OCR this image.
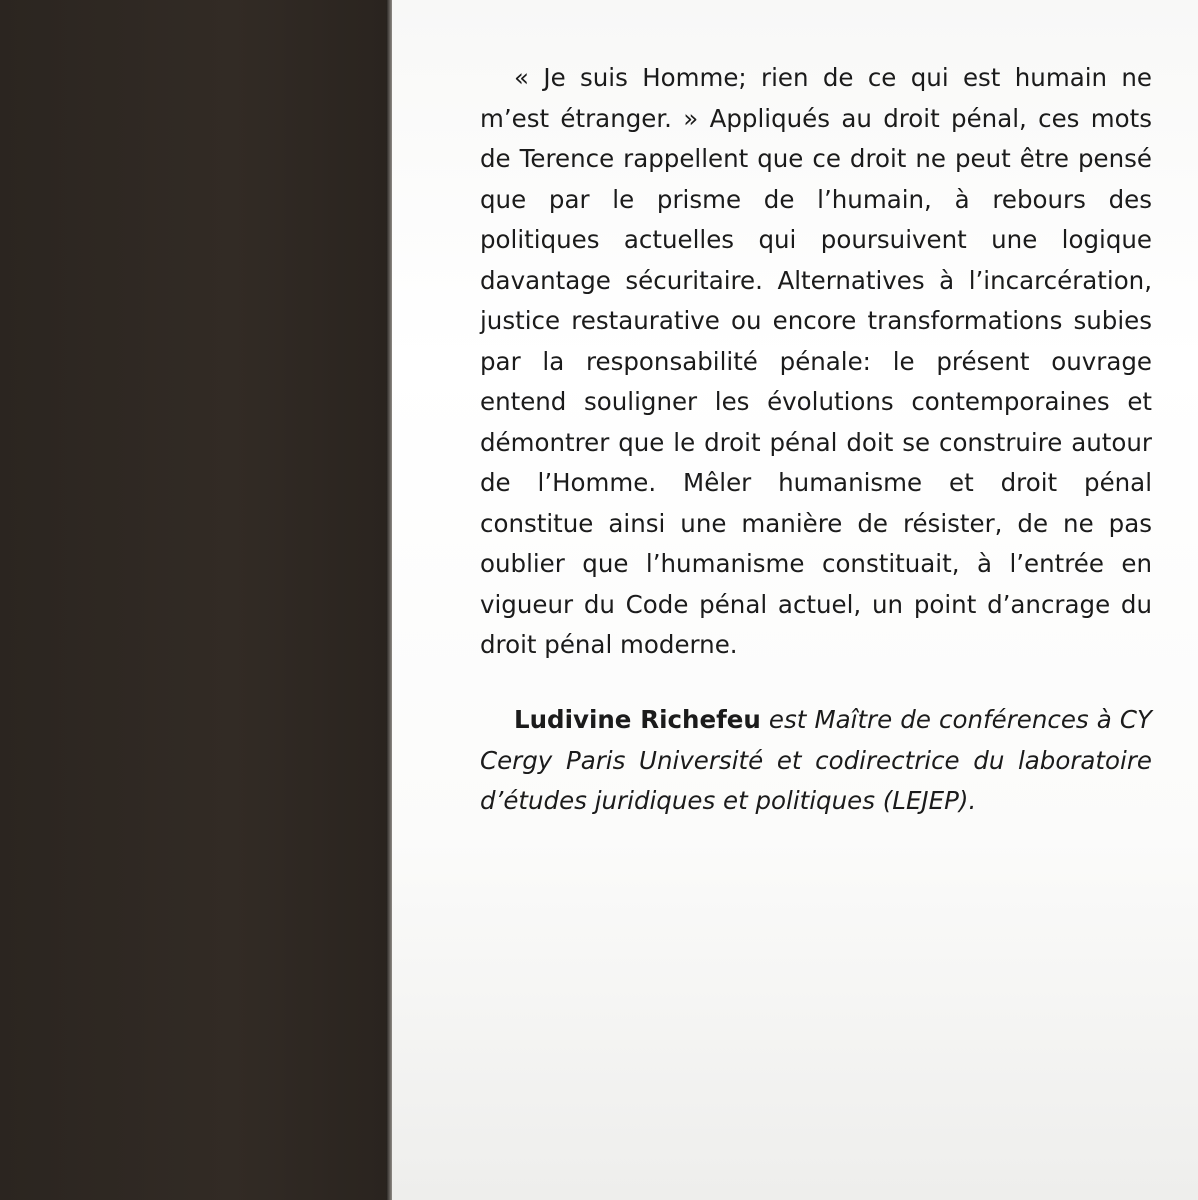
« Je suis Homme; rien de ce qui est humain ne m’est étranger. » Appliqués au droit pénal, ces mots de Terence rappellent que ce droit ne peut être pensé que par le prisme de l’humain, à rebours des politiques actuelles qui poursuivent une logique davantage sécuritaire. Alternatives à l’incarcération, justice restaurative ou encore transformations subies par la responsabilité pénale: le présent ouvrage entend souligner les évolutions contemporaines et démontrer que le droit pénal doit se construire autour de l’Homme. Mêler humanisme et droit pénal constitue ainsi une manière de résister, de ne pas oublier que l’humanisme constituait, à l’entrée en vigueur du Code pénal actuel, un point d’ancrage du droit pénal moderne.

Ludivine Richefeu est Maître de conférences à CY Cergy Paris Université et codirectrice du laboratoire d’études juridiques et politiques (LEJEP).
